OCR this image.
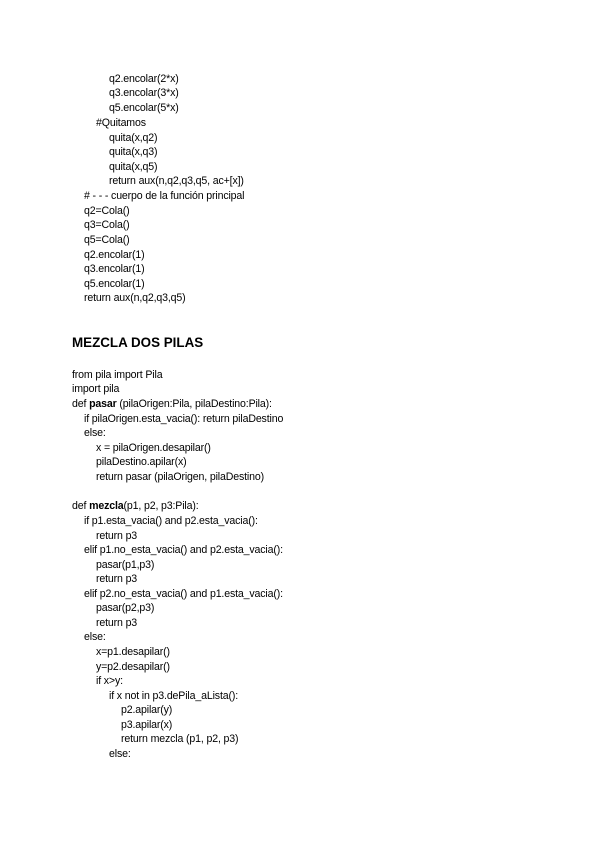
q2.encolar(2*x)
q3.encolar(3*x)
q5.encolar(5*x)
#Quitamos
quita(x,q2)
quita(x,q3)
quita(x,q5)
return aux(n,q2,q3,q5, ac+[x])
# - - - cuerpo de la función principal
q2=Cola()
q3=Cola()
q5=Cola()
q2.encolar(1)
q3.encolar(1)
q5.encolar(1)
return aux(n,q2,q3,q5)
MEZCLA DOS PILAS
from pila import Pila
import pila
def pasar (pilaOrigen:Pila, pilaDestino:Pila):
if pilaOrigen.esta_vacia(): return pilaDestino
else:
x = pilaOrigen.desapilar()
pilaDestino.apilar(x)
return pasar (pilaOrigen, pilaDestino)
def mezcla(p1, p2, p3:Pila):
if p1.esta_vacia() and p2.esta_vacia():
return p3
elif p1.no_esta_vacia() and p2.esta_vacia():
pasar(p1,p3)
return p3
elif p2.no_esta_vacia() and p1.esta_vacia():
pasar(p2,p3)
return p3
else:
x=p1.desapilar()
y=p2.desapilar()
if x>y:
if x not in p3.dePila_aLista():
p2.apilar(y)
p3.apilar(x)
return mezcla (p1, p2, p3)
else:
